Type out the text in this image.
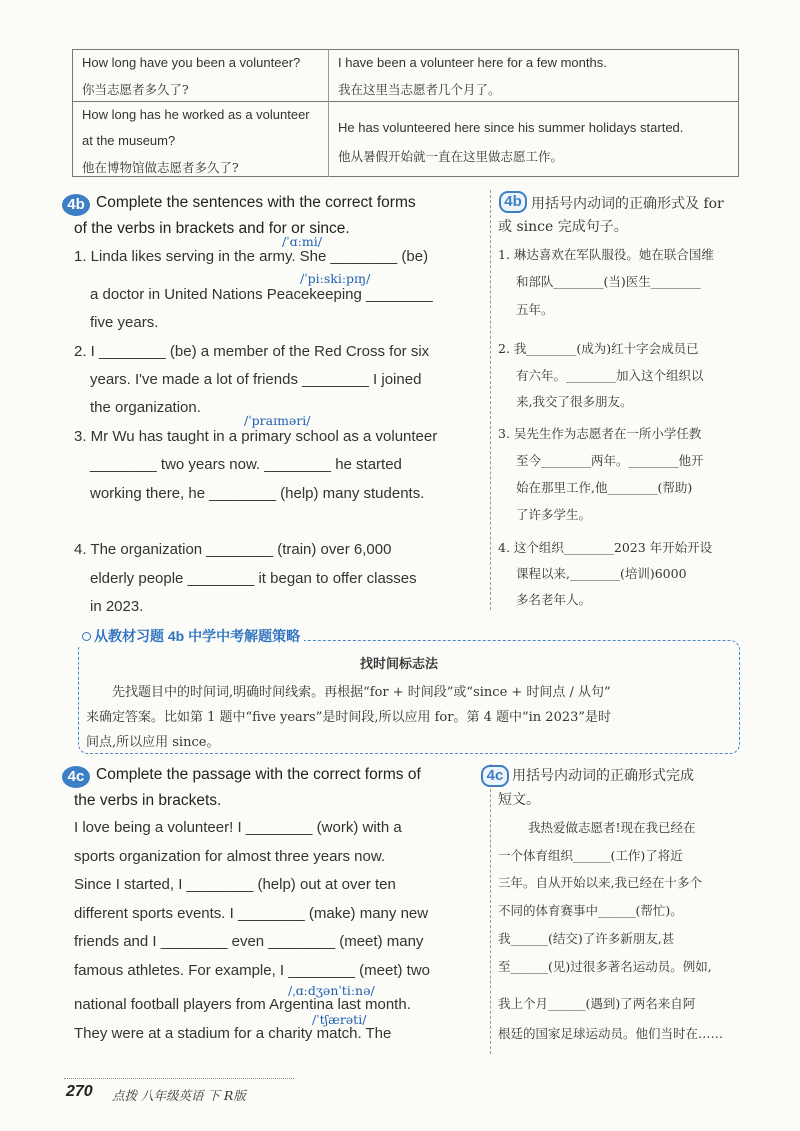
How long have you been a volunteer?
你当志愿者多久了?
I have been a volunteer here for a few months.
我在这里当志愿者几个月了。
How long has he worked as a volunteer
at the museum?
他在博物馆做志愿者多久了?
He has volunteered here since his summer holidays started.
他从暑假开始就一直在这里做志愿工作。
4b Complete the sentences with the correct forms
of the verbs in brackets and for or since.
/ˈɑːmi/
/ˈpiːskiːpɪŋ/
/ˈpraɪməri/
1. Linda likes serving in the army. She ________ (be)
a doctor in United Nations Peacekeeping ________
five years.
2. I ________ (be) a member of the Red Cross for six
years. I've made a lot of friends ________ I joined
the organization.
3. Mr Wu has taught in a primary school as a volunteer
________ two years now. ________ he started
working there, he ________ (help) many students.
4. The organization ________ (train) over 6,000
elderly people ________ it began to offer classes
in 2023.
4b 用括号内动词的正确形式及 for
或 since 完成句子。
1. 琳达喜欢在军队服役。她在联合国维
和部队________(当)医生________
五年。
2. 我________(成为)红十字会成员已
有六年。________加入这个组织以
来,我交了很多朋友。
3. 吴先生作为志愿者在一所小学任教
至今________两年。________他开
始在那里工作,他________(帮助)
了许多学生。
4. 这个组织________2023 年开始开设
课程以来,________(培训)6000
多名老年人。
从教材习题 4b 中学中考解题策略
找时间标志法
先找题目中的时间词,明确时间线索。再根据“for + 时间段”或“since + 时间点 / 从句”
来确定答案。比如第 1 题中“five years”是时间段,所以应用 for。第 4 题中“in 2023”是时
间点,所以应用 since。
4c Complete the passage with the correct forms of
the verbs in brackets.
I love being a volunteer! I ________ (work) with a
sports organization for almost three years now.
Since I started, I ________ (help) out at over ten
different sports events. I ________ (make) many new
friends and I ________ even ________ (meet) many
famous athletes. For example, I ________ (meet) two
/ˌɑːdʒənˈtiːnə/
national football players from Argentina last month.
/ˈtʃærəti/
They were at a stadium for a charity match. The
4c 用括号内动词的正确形式完成
短文。
我热爱做志愿者!现在我已经在
一个体育组织______(工作)了将近
三年。自从开始以来,我已经在十多个
不同的体育赛事中______(帮忙)。
我______(结交)了许多新朋友,甚
至______(见)过很多著名运动员。例如,
我上个月______(遇到)了两名来自阿
根廷的国家足球运动员。他们当时在……
270 点拨 八年级英语 下 R版
